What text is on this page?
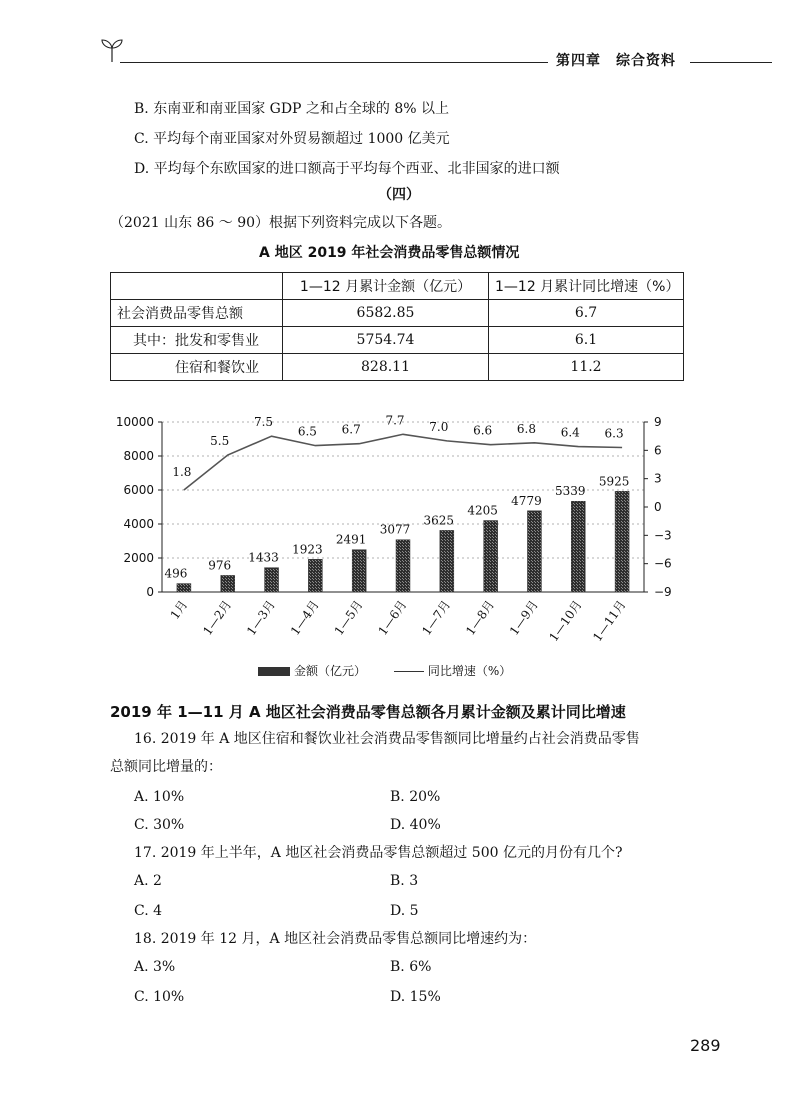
第四章　综合资料
B. 东南亚和南亚国家 GDP 之和占全球的 8% 以上
C. 平均每个南亚国家对外贸易额超过 1000 亿美元
D. 平均每个东欧国家的进口额高于平均每个西亚、北非国家的进口额
（四）
（2021 山东 86 ～ 90）根据下列资料完成以下各题。
A 地区 2019 年社会消费品零售总额情况
	1—12 月累计金额（亿元）	1—12 月累计同比增速（%）
社会消费品零售总额	6582.85	6.7
其中：批发和零售业	5754.74	6.1
住宿和餐饮业	828.11	11.2
0
2000
4000
6000
8000
10000	9
6
3
0
−3
−6
−9
496
976
1433
1923
2491
3077
3625
4205
4779
5339
5925
1.8
5.5
7.5
6.5 6.7
7.7 7.0 6.6 6.8 6.4 6.3
1月 1—2月 1—3月 1—4月 1—5月 1—6月 1—7月 1—8月 1—9月 1—10月 1—11月
金额（亿元）	同比增速（%）
2019 年 1—11 月 A 地区社会消费品零售总额各月累计金额及累计同比增速
16. 2019 年 A 地区住宿和餐饮业社会消费品零售额同比增量约占社会消费品零售
总额同比增量的：
A. 10%	B. 20%
C. 30%	D. 40%
17. 2019 年上半年，A 地区社会消费品零售总额超过 500 亿元的月份有几个?
A. 2	B. 3
C. 4	D. 5
18. 2019 年 12 月，A 地区社会消费品零售总额同比增速约为：
A. 3%	B. 6%
C. 10%	D. 15%
289
